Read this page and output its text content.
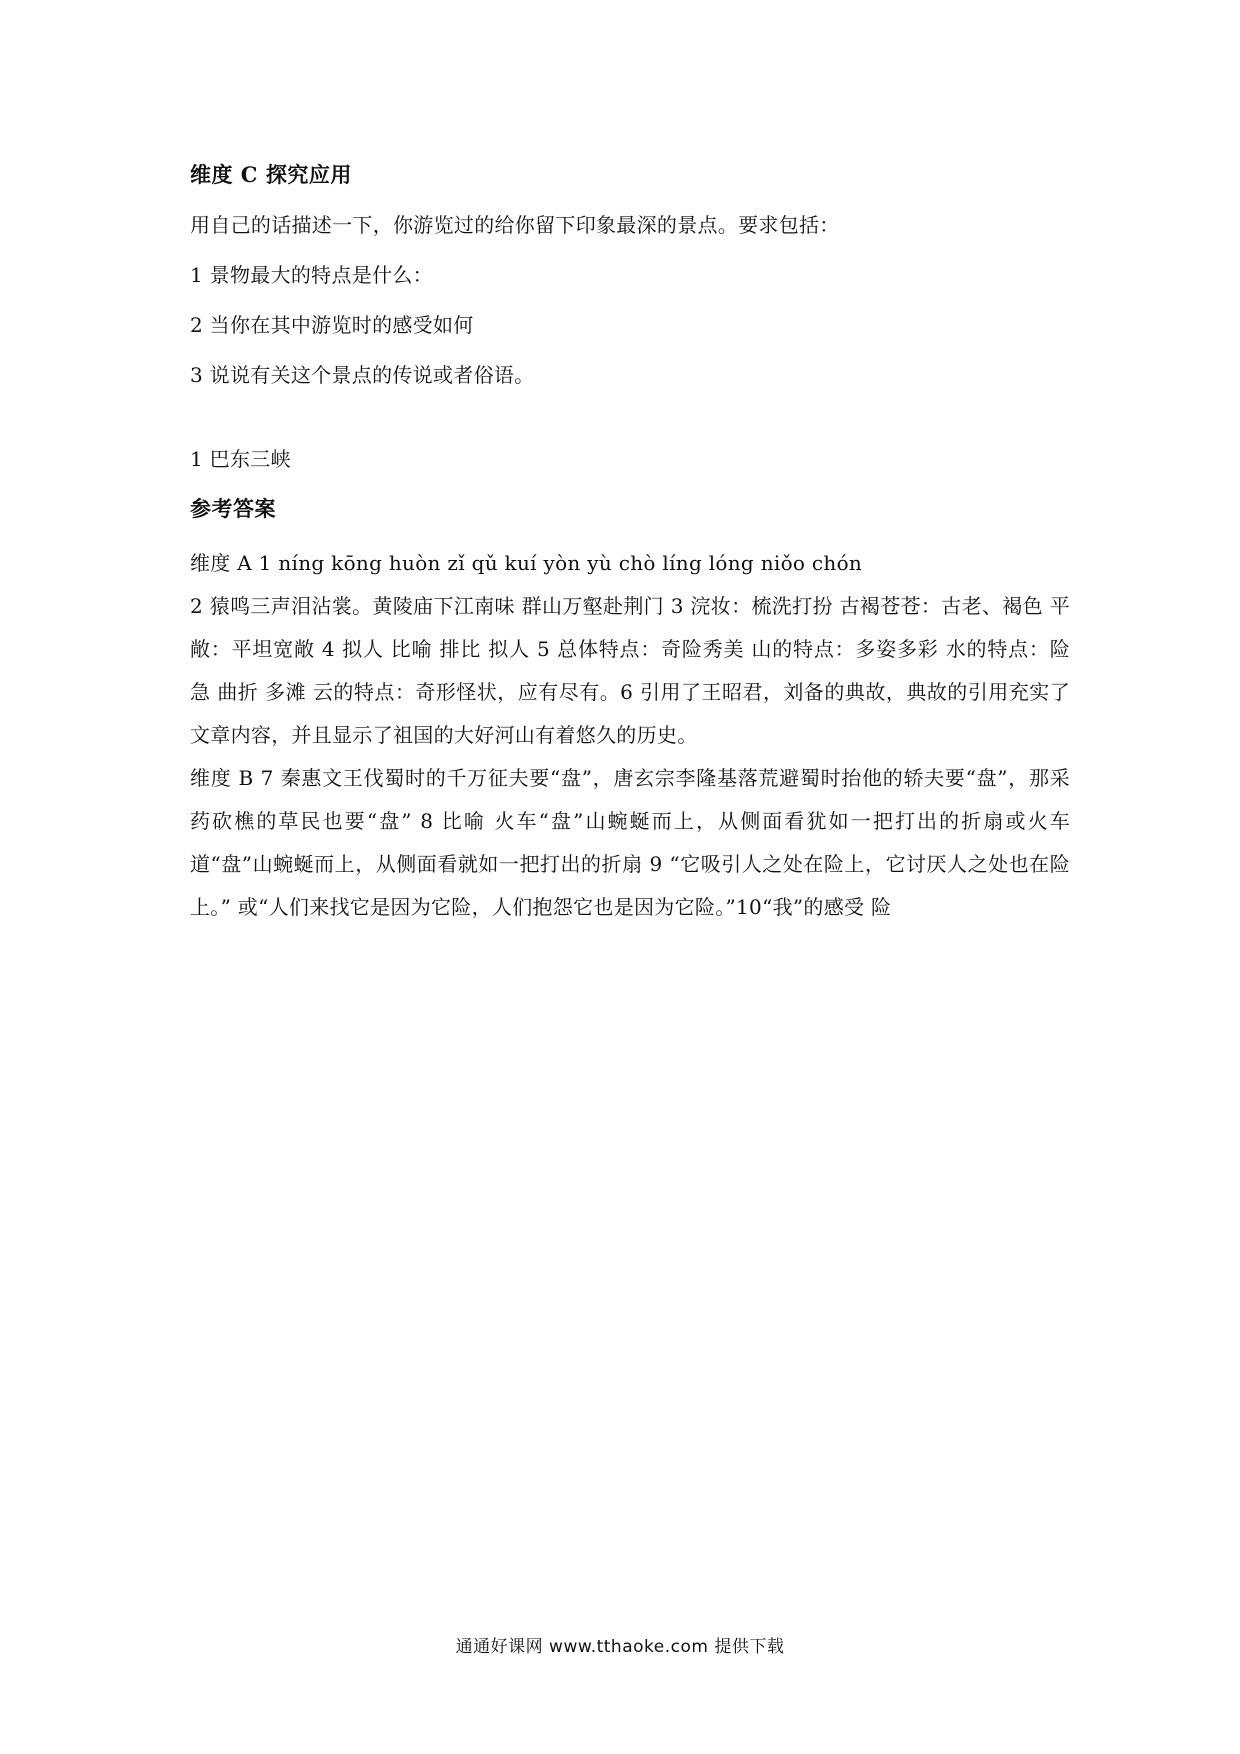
维度 C 探究应用
用自己的话描述一下，你游览过的给你留下印象最深的景点。要求包括：
1 景物最大的特点是什么：
2 当你在其中游览时的感受如何
3 说说有关这个景点的传说或者俗语。
1 巴东三峡
参考答案

维度 A 1 níng kōng huòn zǐ qǔ kuí yòn yù chò líng lóng niǒo chón

2 猿鸣三声泪沾裳。黄陵庙下江南味 群山万壑赴荆门 3 浣妆：梳洗打扮 古褐苍苍：古老、褐色 平敞：平坦宽敞 4 拟人 比喻 排比 拟人 5 总体特点：奇险秀美 山的特点：多姿多彩 水的特点：险 急 曲折 多滩 云的特点：奇形怪状，应有尽有。6 引用了王昭君，刘备的典故，典故的引用充实了文章内容，并且显示了祖国的大好河山有着悠久的历史。

维度 B 7 秦惠文王伐蜀时的千万征夫要“盘”，唐玄宗李隆基落荒避蜀时抬他的轿夫要“盘”，那采药砍樵的草民也要“盘” 8 比喻 火车“盘”山蜿蜒而上，从侧面看犹如一把打出的折扇或火车道“盘”山蜿蜒而上，从侧面看就如一把打出的折扇 9 “它吸引人之处在险上，它讨厌人之处也在险上。” 或“人们来找它是因为它险，人们抱怨它也是因为它险。”10“我”的感受 险

通通好课网 www.tthaoke.com 提供下载
